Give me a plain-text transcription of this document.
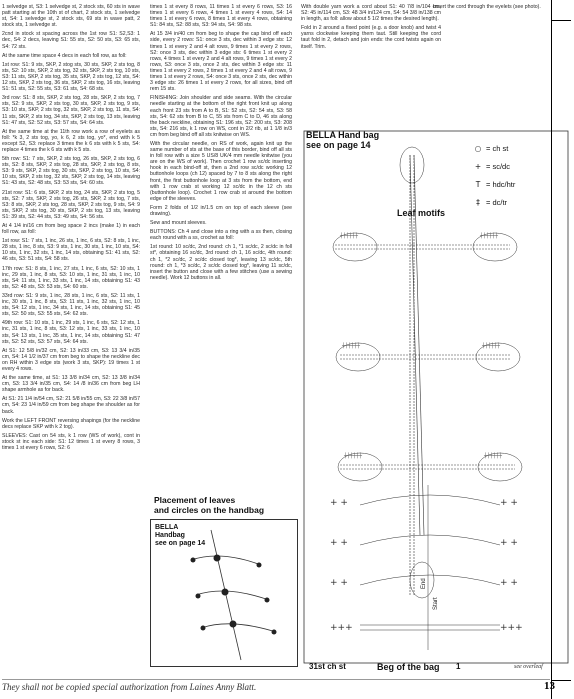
1 selvedge st, S3: 1 selvedge st, 2 stock sts, 60 sts in wave patt starting at the 10th st of chart, 2 stock sts, 1 selvedge st, S4: 1 selvedge st, 2 stock sts, 69 sts in wave patt, 2 stock sts, 1 selvedge st.

2cnd in stock st spacing across the 1st row S1: S2,S3: 1 dec, S4: 2 decs, leaving S1: 55 sts, S2: 50 sts, S3: 65 sts, S4: 72 sts.

At the same time space 4 decs in each foll row, as foll:

1st row: S1: 9 sts, SKP, 2 stog sts, 30 sts, SKP, 2 sts tog, 8 sts, S2: 10 sts, SKP, 2 sts tog, 32 sts, SKP, 2 sts tog, 10 sts, S3: 11 sts, SKP, 2 sts tog, 35 sts, SKP, 2 sts tog, 12 sts, S4: 12 sts, SKP, 2 sts tog, 36 sts, SKP, 2 sts tog, 16 sts, leaving S1: 51 sts, S2: 55 sts, S3: 61 sts, S4: 68 sts.

3rd row: S1: 8 sts, SKP, 2 sts tog, 28 sts, SKP, 2 sts tog, 7 sts, S2: 9 sts, SKP, 2 sts tog, 30 sts, SKP, 2 sts tog, 9 sts, S3: 10 sts, SKP, 2 sts tog, 32 sts, SKP, 2 sts tog, 11 sts, S4: 11 sts, SKP, 2 sts tog, 34 sts, SKP, 2 sts tog, 13 sts, leaving S1: 47 sts, S2: 52 sts, S3: 57 sts, S4: 64 sts.

At the same time at the 11th row work a row of eyelets as foll: *k 3, 2 sts tog, yo, k 6, 2 sts tog, yo*, end with k 5 except S2, S3: replace 3 times the k 6 sts with k 5 sts, S4: replace 4 times the k 6 sts with k 5 sts.

5th row: S1: 7 sts, SKP, 2 sts tog, 26 sts, SKP, 2 sts tog, 6 sts, S2: 8 sts, SKP, 2 sts tog, 28 sts, SKP, 2 sts tog, 8 sts, S3: 9 sts, SKP, 2 sts tog, 30 sts, SKP, 2 sts tog, 10 sts, S4: 10 sts, SKP, 2 sts tog, 32 sts, SKP, 2 sts tog, 14 sts, leaving S1: 43 sts, S2: 48 sts, S3: 53 sts, S4: 60 sts.

21st row: S1: 6 sts, SKP, 2 sts tog, 24 sts, SKP, 2 sts tog, 5 sts, S2: 7 sts, SKP, 2 sts tog, 26 sts, SKP, 2 sts tog, 7 sts, S3: 8 sts, SKP, 2 sts tog, 28 sts, SKP, 2 sts tog, 9 sts, S4: 9 sts, SKP, 2 sts tog, 30 sts, SKP, 2 sts tog, 13 sts, leaving S1: 39 sts, S2: 44 sts, S3: 49 sts, S4: 56 sts.

At 4 1/4 in/16 cm from beg space 2 incs (make 1) in each foll row, as foll:

1st row: S1: 7 sts, 1 inc, 26 sts, 1 inc, 6 sts, S2: 8 sts, 1 inc, 28 sts, 1 inc, 8 sts, S3: 9 sts, 1 inc, 30 sts, 1 inc, 10 sts, S4: 10 sts, 1 inc, 32 sts, 1 inc, 14 sts, obtaining S1: 41 sts, S2: 46 sts, S3: 51 sts, S4: 58 sts.

17th row: S1: 8 sts, 1 inc, 27 sts, 1 inc, 6 sts, S2: 10 sts, 1 inc, 29 sts, 1 inc, 8 sts, S3: 10 sts, 1 inc, 31 sts, 1 inc, 10 sts, S4: 11 sts, 1 inc, 33 sts, 1 inc, 14 sts, obtaining S1: 43 sts, S2: 48 sts, S3: 53 sts, S4: 60 sts.

33rd row: S1: 9 sts, 1 inc, 28 sts, 1 inc, 6 sts, S2: 11 sts, 1 inc, 30 sts, 1 inc, 8 sts, S3: 11 sts, 1 inc, 32 sts, 1 inc, 10 sts, S4: 12 sts, 1 inc, 34 sts, 1 inc, 14 sts, obtaining S1: 45 sts, S2: 50 sts, S3: 55 sts, S4: 62 sts.

49th row: S1: 10 sts, 1 inc, 29 sts, 1 inc, 6 sts, S2: 12 sts, 1 inc, 31 sts, 1 inc, 8 sts, S3: 12 sts, 1 inc, 33 sts, 1 inc, 10 sts, S4: 13 sts, 1 inc, 35 sts, 1 inc, 14 sts, obtaining S1: 47 sts, S2: 52 sts, S3: 57 sts, S4: 64 sts.

At S1: 12 5/8 in/32 cm, S2: 13 in/33 cm, S3: 13 3/4 in/35 cm, S4: 14 1/2 in/37 cm from beg to shape the neckline dec on RH within 3 edge sts (work 3 sts, SKP): 19 times 1 st every 4 rows.

At the same time, at S1: 13 3/8 in/34 cm, S2: 13 3/8 in/34 cm, S3: 13 3/4 in/35 cm, S4: 14 /8 in/36 cm from beg LH shape armhole as for back.

At S1: 21 1/4 in/54 cm, S2: 21 5/8 in/55 cm, S3: 22 3/8 in/57 cm, S4: 23 1/4 in/59 cm from beg shape the shoulder as for back.

Work the LEFT FRONT reversing shapings (for the neckline decs replace SKP with k 2 tog).

SLEEVES: Cast on 54 sts, k 1 row (WS of work), cont in stock st inc each side: S1: 12 times 1 st every 8 rows, 3 times 1 st every 6 rows, S2: 6

times 1 st every 8 rows, 11 times 1 st every 6 rows, S3: 16 times 1 st every 6 rows, 4 times 1 st every 4 rows, S4: 14 times 1 st every 6 rows, 8 times 1 st every 4 rows, obtaining S1: 84 sts, S2: 88 sts, S3: 94 sts, S4: 98 sts.

At 15 3/4 in/40 cm from beg to shape the cap bind off each side, every 2 rows: S1: once 3 sts, dec within 3 edge sts: 12 times 1 st every 2 and 4 alt rows, 9 times 1 st every 2 rows, S2: once 3 sts, dec within 3 edge sts: 6 times 1 st every 2 rows, 4 times 1 st every 2 and 4 alt rows, 9 times 1 st every 2 rows, S3: once 3 sts, once 2 sts, dec within 3 edge sts: 11 times 1 st every 2 rows, 2 times 1 st every 2 and 4 alt rows, 9 times 1 st every 2 rows, S4: once 3 sts, once 2 sts, dec within 3 edge sts: 26 times 1 st every 2 rows, for all sizes, bind off rem 15 sts.

FINISHING: Join shoulder and side seams. With the circular needle starting at the bottom of the right front knit up along each front 23 sts from A to B, S1: 52 sts, S2: 54 sts, S3: 58 sts, S4: 62 sts from B to C, 55 sts from C to D, 46 sts along the back neckline, obtaining S1: 196 sts, S2: 200 sts, S3: 208 sts, S4: 216 sts, k 1 row on WS, cont in 2/2 rib, at 1 1/8 in/3 cm from beg bind off all sts knitwise on WS.

With the circular needle, on RS of work, again knit up the same number of sts at the base of this border, bind off all sts in foll row with a size 5 US/8 UK/4 mm needle knitwise (you are on the WS of work). Then crochet 1 row sc/dc inserting hook in each bind-off st, then a 2nd row sc/dc working 12 buttonhole loops (ch 12) spaced by 7 to 8 sts along the right front, the first buttonhole loop at 3 sts from the bottom, end with 1 row crab st working 12 sc/dc in the 12 ch sts (buttonhole loop). Crochet 1 row crab st around the bottom edge of the sleeves.

Form 2 folds of 1/2 in/1.5 cm on top of each sleeve (see drawing).

Sew and mount sleeves.

BUTTONS: Ch 4 and close into a ring with a ss then, closing each round with a ss, crochet as foll:

1st round: 10 sc/dc, 2nd round: ch 1, *1 sc/dc, 2 sc/dc in foll st*, obtaining 16 sc/dc, 3rd round: ch 1, 16 sc/dc, 4th round: ch 1, *2 sc/dc, 2 sc/dc closed tog*, leaving 13 sc/dc, 5th round: ch 1, *3 sc/dc, 2 sc/dc closed tog*, leaving 11 sc/dc, insert the button and close with a few stitches (use a sewing needle). Work 12 buttons in all.

With double yarn work a cord about S1: 40 7/8 in/104 cm, S2: 45 in/114 cm, S3: 48 3/4 in/124 cm, S4: 54 3/8 in/138 cm in length, as foll: allow about 5 1/2 times the desired length).

Fold in 2 around a fixed point (e.g. a door knob) and twist 4 yarns clockwise keeping them taut. Still keeping the cord taut fold in 2, detach and join ends: the cord twists again on itself. Trim.

Insert the cord through the eyelets (see photo).

┼┼┼┼┼┼	┼┼┼┼┼┼
┼┼┼┼┼┼	┼┼┼┼┼┼
┼┼┼┼┼┼	┼┼┼┼┼┼
+ +	+ +
+ +	+ +
+ +	+ +
+++	+++
BELLA Hand bag
see on page 14	○ = ch st
+ = sc/dc
T = hdc/htr
‡ = dc/tr
Leaf motifs
End
Start
31st ch st	1
Beg of the bag
Placement of leaves
and circles on the handbag
BELLA
Handbag
see on page 14
see overleaf
They shall not be copied special authorization from Laines Anny Blatt.	13
